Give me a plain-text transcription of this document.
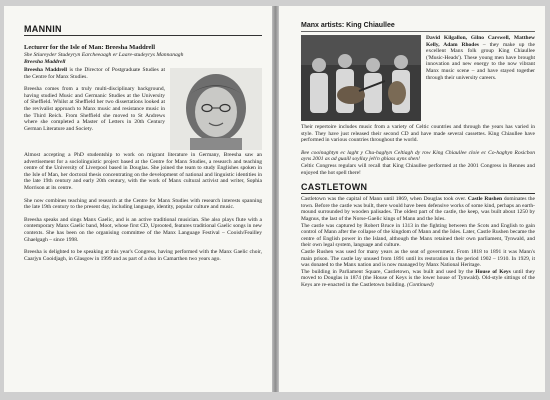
MANNIN
Lecturer for the Isle of Man: Breesha Maddrell

She Stiureyder Studeyryn Earcheeaagh er Laare-studeyrys Mannanagh

Breesha Maddrell

Breesha Maddrell is the Director of Postgraduate Studies at the Centre for Manx Studies.

Breesha comes from a truly multi-disciplinary background, having studied Music and Germanic Studies at the University of Sheffield. Whilst at Sheffield her two dissertations looked at the revivalist approach to Manx music and resistance music in the Third Reich. From Sheffield she moved to St Andrews where she completed a Master of Letters in 20th Century German Literature and Society.

Almost accepting a PhD studentship to work on migrant literature in Germany, Breesha saw an advertisement for a sociolinguistic project based at the Centre for Manx Studies, a research and teaching centre of the University of Liverpool based in Douglas. She joined the team to study Englishes spoken in the Isle of Man, her doctoral thesis concentrating on the development of national and linguistic identities in the late 19th century and early 20th century, with the work of Manx cultural activist and writer, Sophia Morrison at its centre.

She now combines teaching and research at the Centre for Manx Studies with research interests spanning the late 19th century to the present day, including language, identity, popular culture and music.

Breesha speaks and sings Manx Gaelic, and is an active traditional musician. She also plays flute with a contemporary Manx Gaelic band, Moot, whose first CD, Uprooted, features traditional Gaelic songs in new contexts. She has been on the organising committee of the Manx Language Festival – Cooish/Feailley Ghaelgagh – since 1998.

Breesha is delighted to be speaking at this year's Congress, having performed with the Manx Gaelic choir, Caarjyn Cooidjagh, in Glasgow in 1999 and as part of a duo in Camarthen two years ago.

Manx artists: King Chiaullee

David Kilgallon, Gilno Carswell, Matthew Kelly, Adam Rhodes – they make up the excellent Manx folk group King Chiaullee ('Music-Heads'). These young men have brought innovation and new energy to the now vibrant Manx music scene – and have stayed together through their university careers.

Their repertoire includes music from a variety of Celtic countries and through the years has varied in style. They have just released their second CD and have made several cassettes. King Chiaullee have performed in various countries throughout the world.

Bee cooinaghtyn ec laght y Chu-haghyn Celtiagh dy row King Chiaullee cloie ec Co-haghyn Rosicbon ayns 2001 as ad guaill soyllay jeh'n ghiass ayns shen!

Celtic Congress regulars will recall that King Chiaullee performed at the 2001 Congress in Rennes and enjoyed the hot spell there!

CASTLETOWN

Castletown was the capital of Mann until 1869, when Douglas took over. Castle Rushen dominates the town. Before the castle was built, there would have been defensive works of some kind, perhaps an earth-mound surrounded by wooden palisades. The oldest part of the castle, the keep, was built about 1250 by Magnus, the last of the Norse-Gaelic kings of Mann and the Isles.

The castle was captured by Robert Bruce in 1313 in the fighting between the Scots and English to gain control of Mann after the collapse of the kingdom of Mann and the Isles. Later, Castle Rushen became the centre of English power in the Island, although the Manx retained their own parliament, Tynwald, and their own legal system, language and culture.

Castle Rushen was used for many years as the seat of government. From 1818 to 1891 it was Mann's main prison. The castle lay unused from 1891 until its restoration in the period 1902 – 1910. In 1929, it was donated to the Manx nation and is now managed by Manx National Heritage.

The building in Parliament Square, Castletown, was built and used by the House of Keys until they moved to Douglas in 1874 (the House of Keys is the lower house of Tynwald). Old-style sittings of the Keys are re-enacted in the Castletown building. (Continued)
